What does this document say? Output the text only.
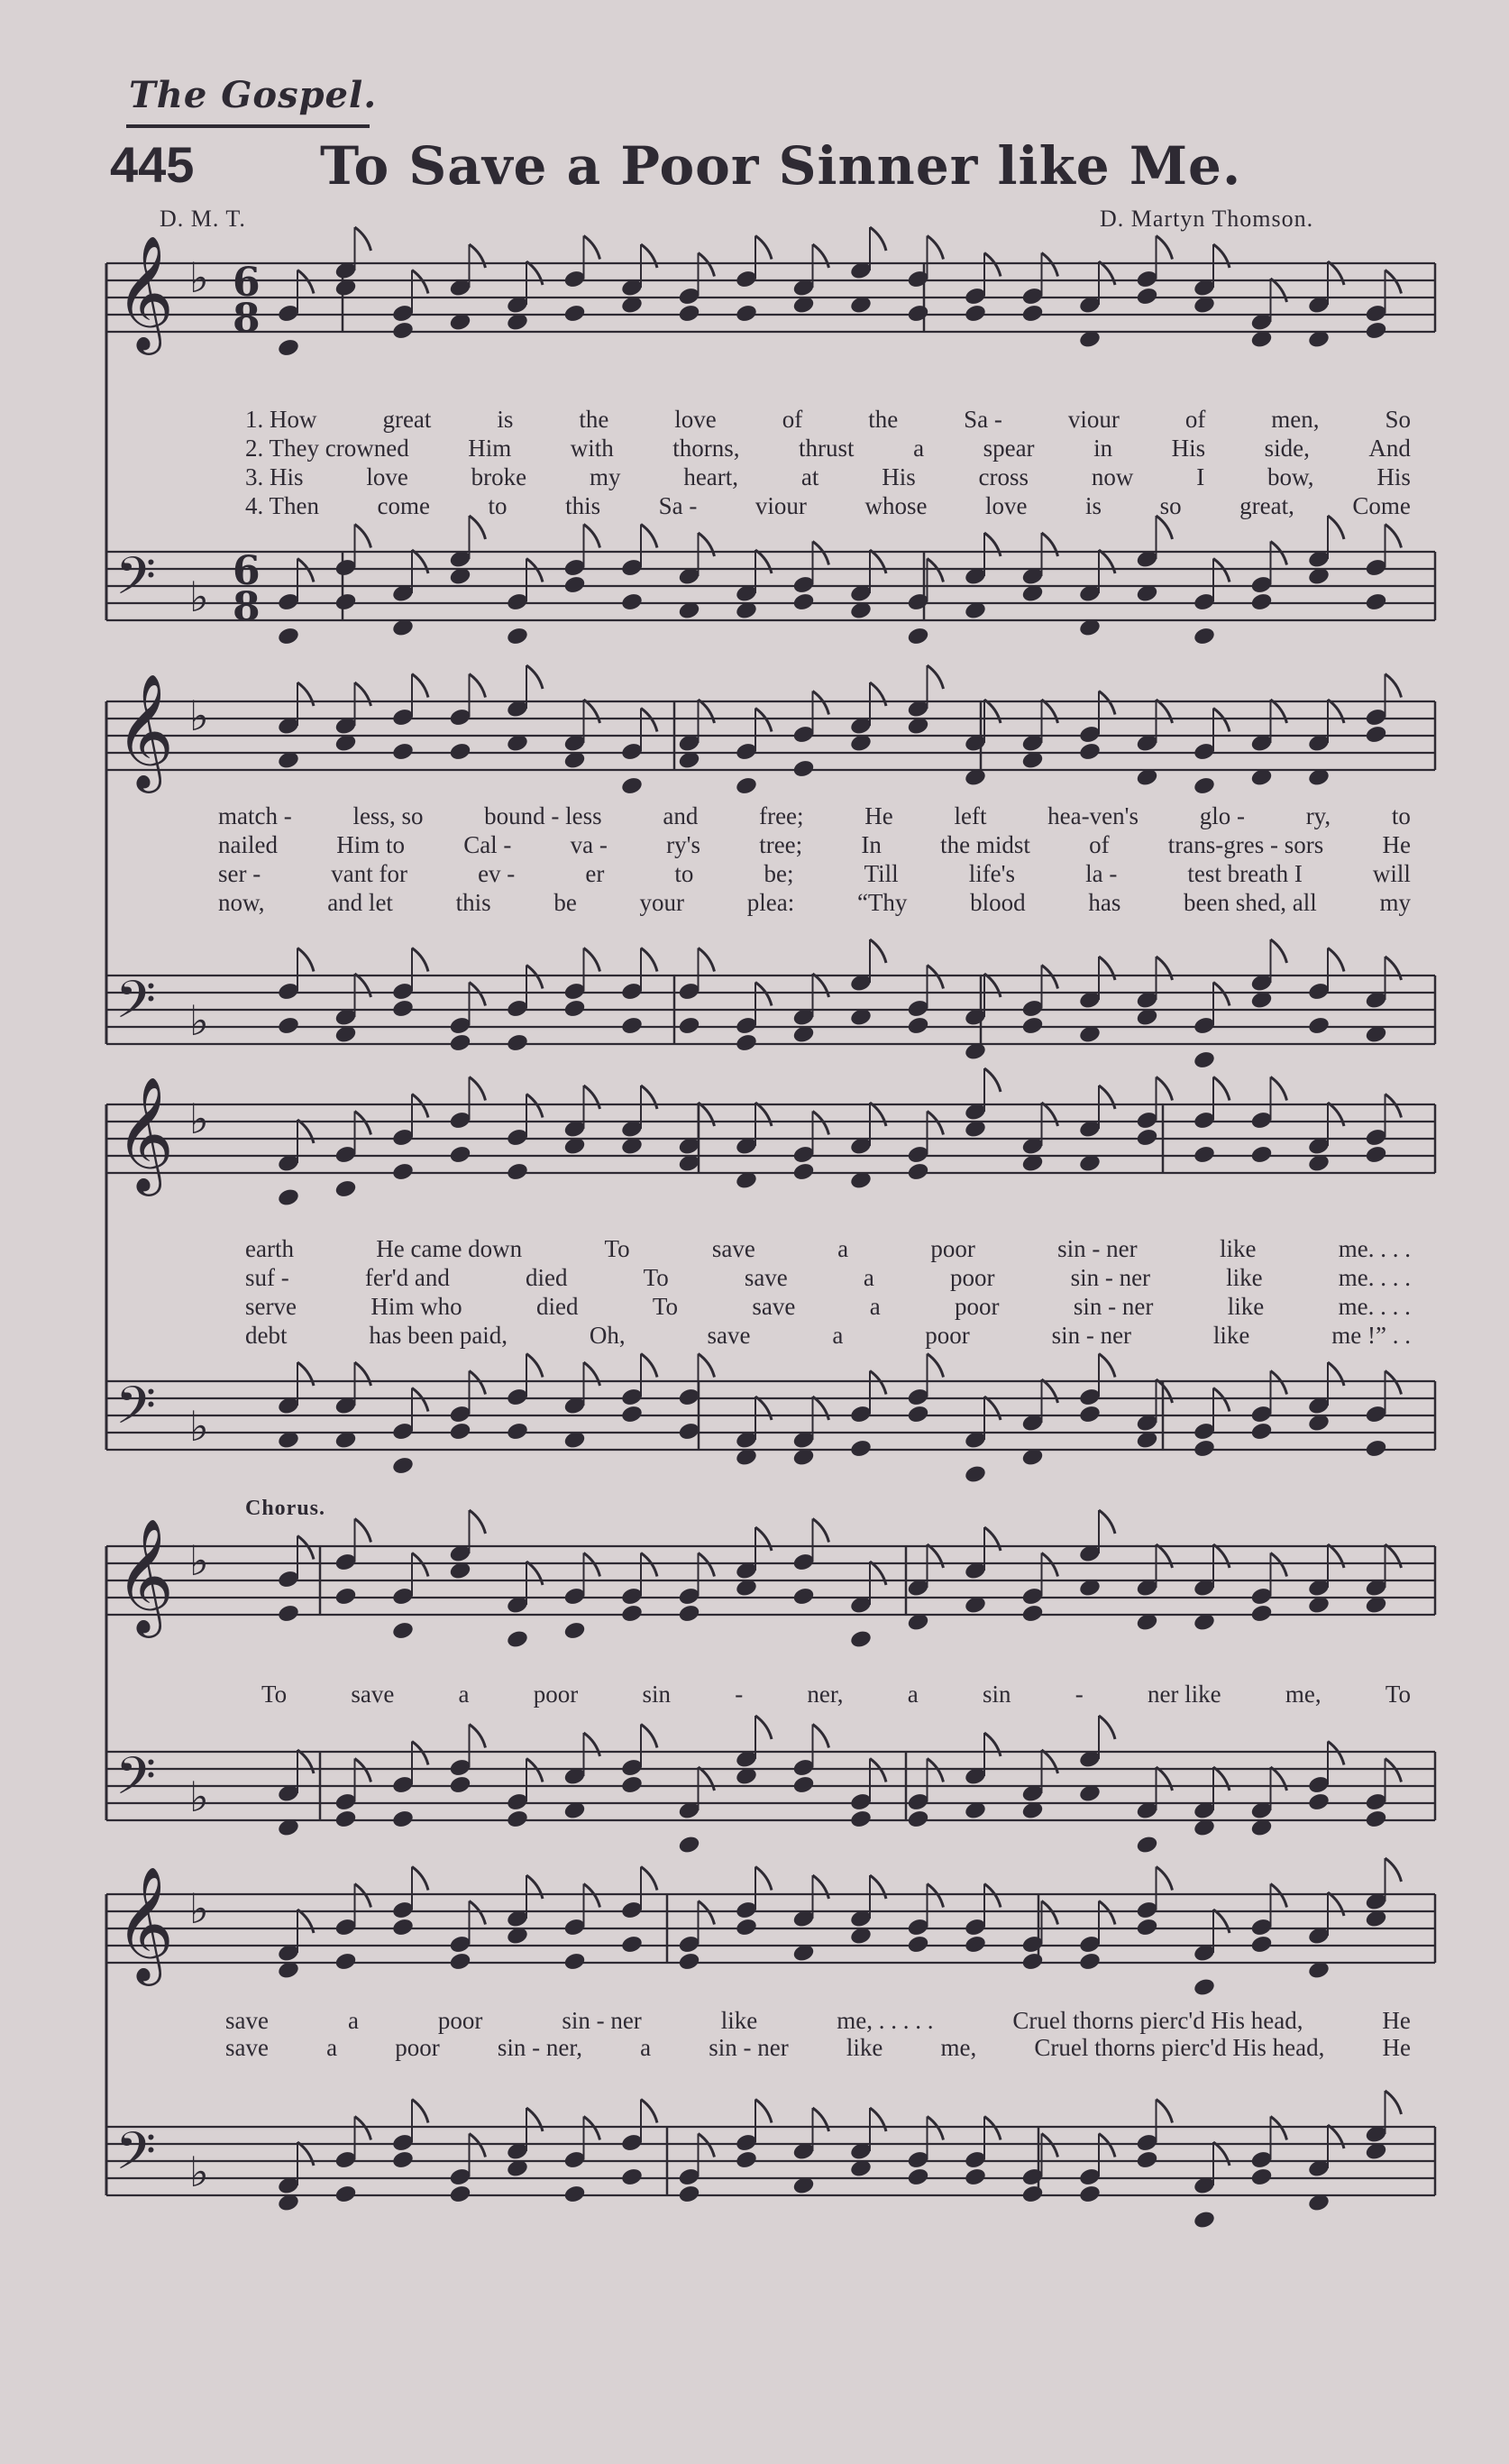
The Gospel.
445 To Save a Poor Sinner like Me.
D. M. T.	D. Martyn Thomson.
Chorus.
𝄞 ♭
𝄢 ♭
𝄞 ♭
𝄢 ♭
𝄞 ♭
𝄢 ♭
𝄞 ♭
𝄢 ♭
𝄞 ♭
𝄢 ♭
6
8
6
8
1. How	great	is	the	love	of	the	Sa -	viour	of	men,	So
2. They crowned Him with thorns, thrust a spear in His side, And
3. His	love	broke	my	heart,	at	His	cross	now	I	bow,	His
4. Then come to this Sa - viour whose love is so great, Come
match -	less, so	bound - less	and	free;	He	left	hea-ven's	glo -	ry,	to
nailed Him to Cal - va - ry's tree; In the midst of trans-gres - sors He
ser -	vant for	ev -	er	to	be;	Till	life's	la -	test breath I	will
now,	and let	this	be	your	plea:	“Thy	blood	has	been shed, all	my
earth	He came down	To	save	a	poor	sin - ner	like	me. . . .
suf -	fer'd and	died	To	save	a	poor	sin - ner	like	me. . . .
serve	Him who	died	To	save	a	poor	sin - ner	like	me. . . .
debt	has been paid,	Oh,	save	a	poor	sin - ner	like	me !” . .
To	save	a	poor	sin	-	ner,	a	sin	-	ner like	me,	To
save	a	poor	sin - ner	like	me, . . . . .	Cruel thorns pierc'd His head,	He
save a poor sin - ner, a sin - ner like me, Cruel thorns pierc'd His head, He
